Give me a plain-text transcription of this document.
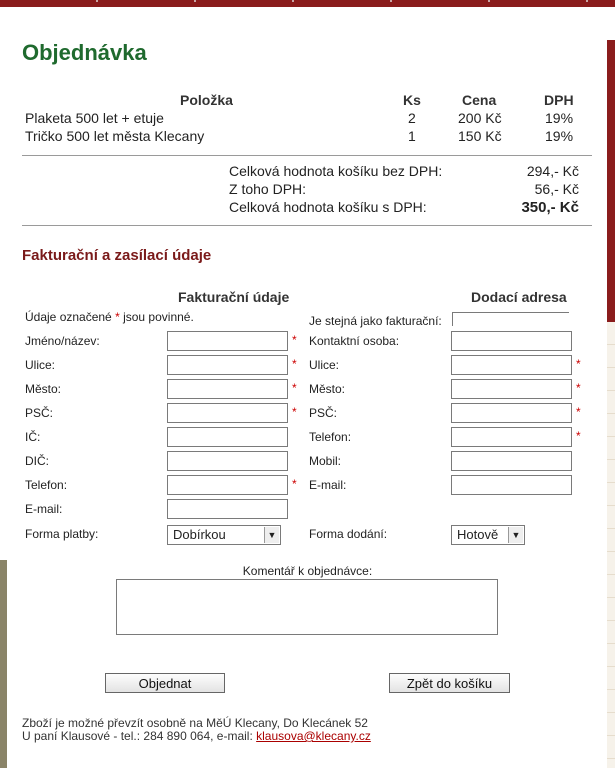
Objednávka
Položka	Ks	Cena	DPH
Plaketa 500 let + etuje	2	200 Kč	19%
Tričko 500 let města Klecany	1	150 Kč	19%
Celková hodnota košíku bez DPH:	294,- Kč
Z toho DPH:	56,- Kč
Celková hodnota košíku s DPH:	350,- Kč
Fakturační a zasílací údaje
Fakturační údaje	Dodací adresa
Údaje označené * jsou povinné.	Je stejná jako fakturační:
Jméno/název:	*
Ulice:	*
Město:	*
PSČ:	*
IČ:
DIČ:
Telefon:	*
E-mail:
Forma platby:	Dobírkou	▼
Kontaktní osoba:
Ulice:	*
Město:	*
PSČ:	*
Telefon:	*
Mobil:
E-mail:
Forma dodání:	Hotově	▼
Komentář k objednávce:
Objednat	Zpět do košíku
Zboží je možné převzít osobně na MěÚ Klecany, Do Klecánek 52
U paní Klausové - tel.: 284 890 064, e-mail: klausova@klecany.cz
